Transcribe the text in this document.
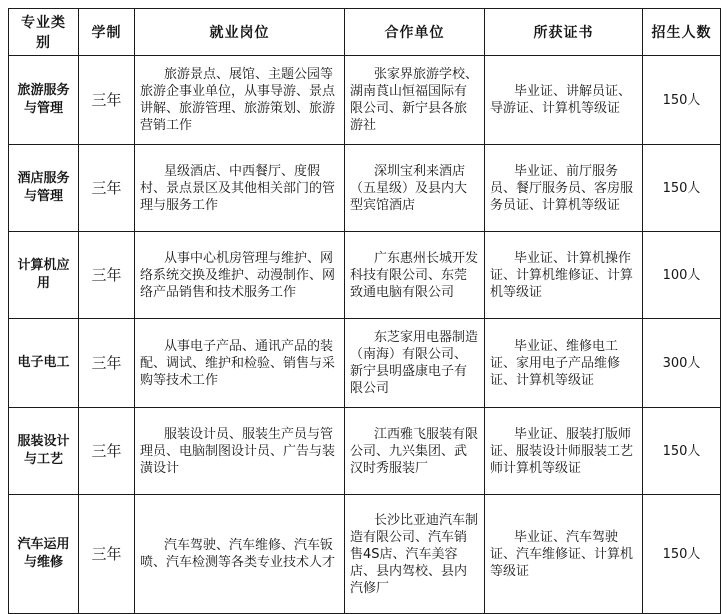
专业类别	学制	就业岗位	合作单位	所获证书	招生人数
旅游服务与管理	三年	旅游景点、展馆、主题公园等旅游企事业单位，从事导游、景点讲解、旅游管理、旅游策划、旅游营销工作	张家界旅游学校、湖南莨山恒福国际有限公司、新宁县各旅游社	毕业证、讲解员证、导游证、计算机等级证	150人
酒店服务与管理	三年	星级酒店、中西餐厅、度假村、景点景区及其他相关部门的管理与服务工作	深圳宝利来酒店（五星级）及县内大型宾馆酒店	毕业证、前厅服务员、餐厅服务员、客房服务员证、计算机等级证	150人
计算机应用	三年	从事中心机房管理与维护、网络系统交换及维护、动漫制作、网络产品销售和技术服务工作	广东惠州长城开发科技有限公司、东莞致通电脑有限公司	毕业证、计算机操作证、计算机维修证、计算机等级证	100人
电子电工	三年	从事电子产品、通讯产品的装配、调试、维护和检验、销售与采购等技术工作	东芝家用电器制造（南海）有限公司、新宁县明盛康电子有限公司	毕业证、维修电工证、家用电子产品维修证、计算机等级证	300人
服装设计与工艺	三年	服装设计员、服装生产员与管理员、电脑制图设计员、广告与装潢设计	江西雅飞服装有限公司、九兴集团、武汉时秀服装厂	毕业证、服装打版师证、服装设计师服装工艺师计算机等级证	150人
汽车运用与维修	三年	汽车驾驶、汽车维修、汽车钣喷、汽车检测等各类专业技术人才	长沙比亚迪汽车制造有限公司、汽车销售4S店、汽车美容店、县内驾校、县内汽修厂	毕业证、汽车驾驶证、汽车维修证、计算机等级证	150人
